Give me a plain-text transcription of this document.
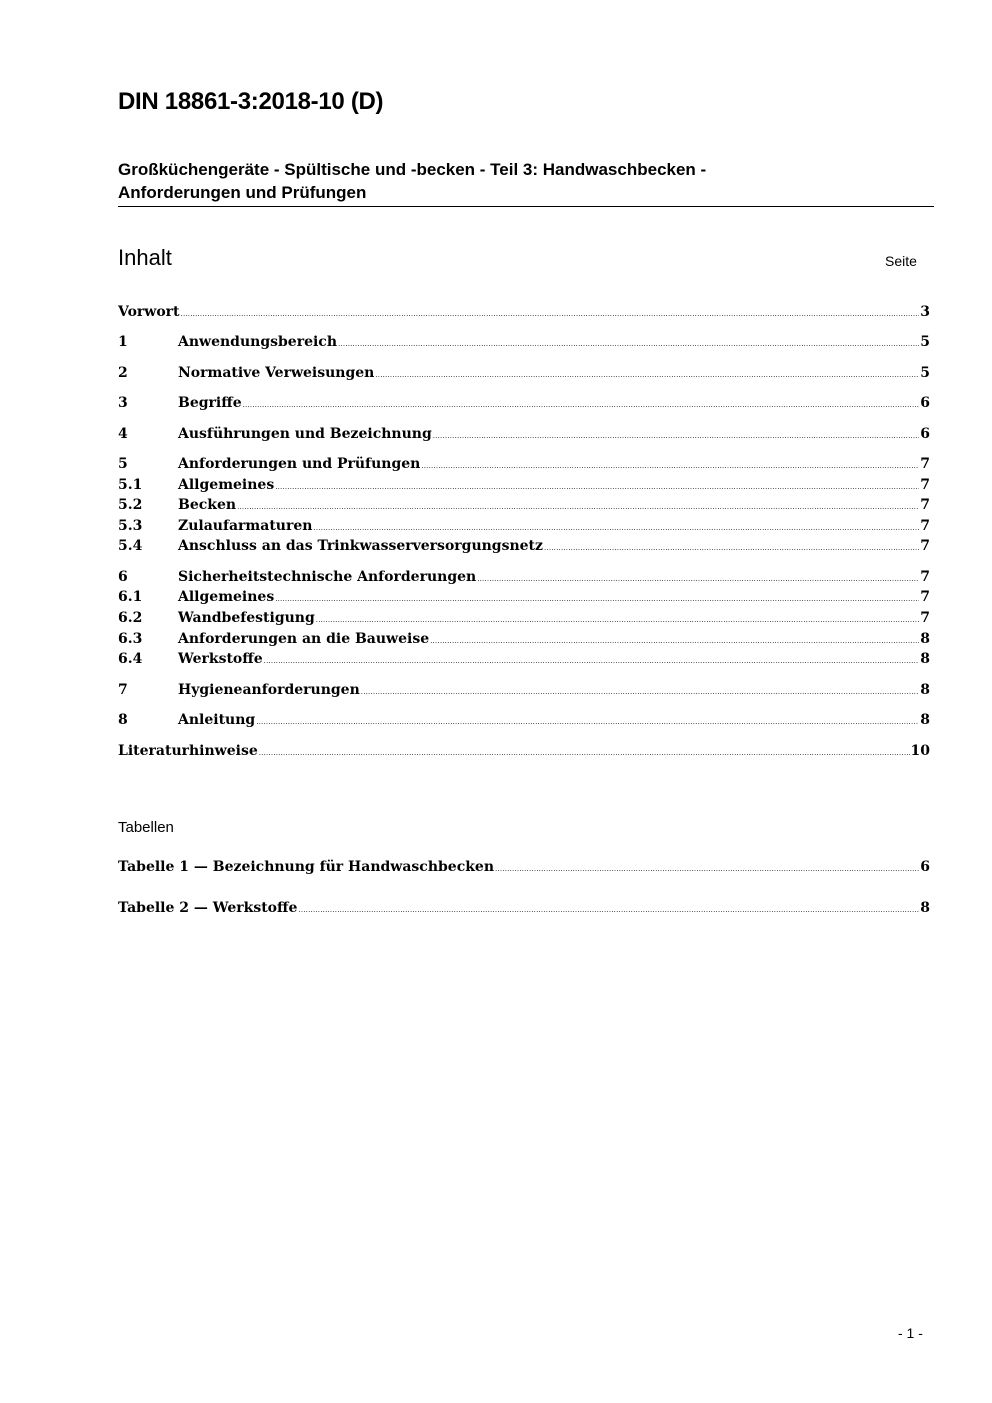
DIN 18861-3:2018-10 (D)
Großküchengeräte - Spültische und -becken - Teil 3: Handwaschbecken -
Anforderungen und Prüfungen
Inhalt	Seite
Vorwort .....	3
1	Anwendungsbereich .....	5
2	Normative Verweisungen .....	5
3	Begriffe .....	6
4	Ausführungen und Bezeichnung .....	6
5	Anforderungen und Prüfungen .....	7
5.1	Allgemeines .....	7
5.2	Becken .....	7
5.3	Zulaufarmaturen .....	7
5.4	Anschluss an das Trinkwasserversorgungsnetz .....	7
6	Sicherheitstechnische Anforderungen .....	7
6.1	Allgemeines .....	7
6.2	Wandbefestigung .....	7
6.3	Anforderungen an die Bauweise .....	8
6.4	Werkstoffe .....	8
7	Hygieneanforderungen .....	8
8	Anleitung .....	8
Literaturhinweise .....	10
Tabellen
Tabelle 1 — Bezeichnung für Handwaschbecken .....	6
Tabelle 2 — Werkstoffe .....	8
- 1 -
